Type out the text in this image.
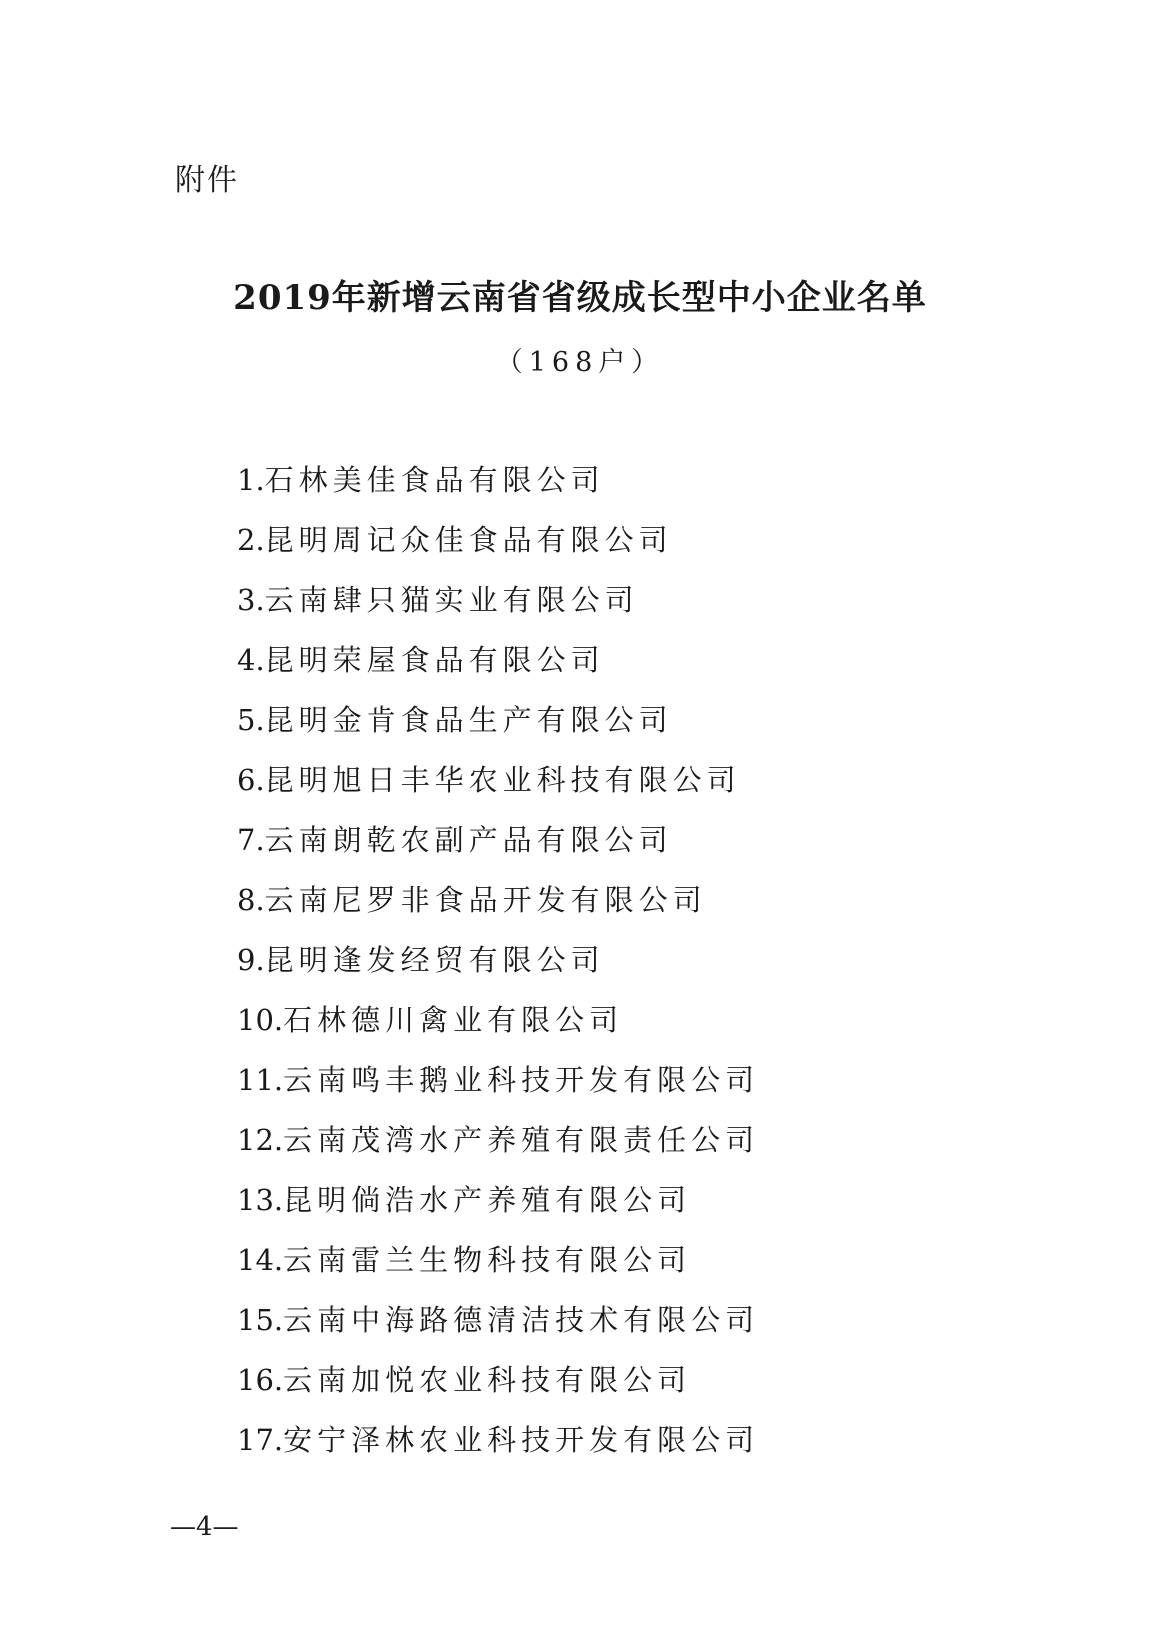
附件
2019年新增云南省省级成长型中小企业名单
（168户）
1.石林美佳食品有限公司
2.昆明周记众佳食品有限公司
3.云南肆只猫实业有限公司
4.昆明荣屋食品有限公司
5.昆明金肯食品生产有限公司
6.昆明旭日丰华农业科技有限公司
7.云南朗乾农副产品有限公司
8.云南尼罗非食品开发有限公司
9.昆明逢发经贸有限公司
10.石林德川禽业有限公司
11.云南鸣丰鹅业科技开发有限公司
12.云南茂湾水产养殖有限责任公司
13.昆明倘浩水产养殖有限公司
14.云南雷兰生物科技有限公司
15.云南中海路德清洁技术有限公司
16.云南加悦农业科技有限公司
17.安宁泽林农业科技开发有限公司
—4—
